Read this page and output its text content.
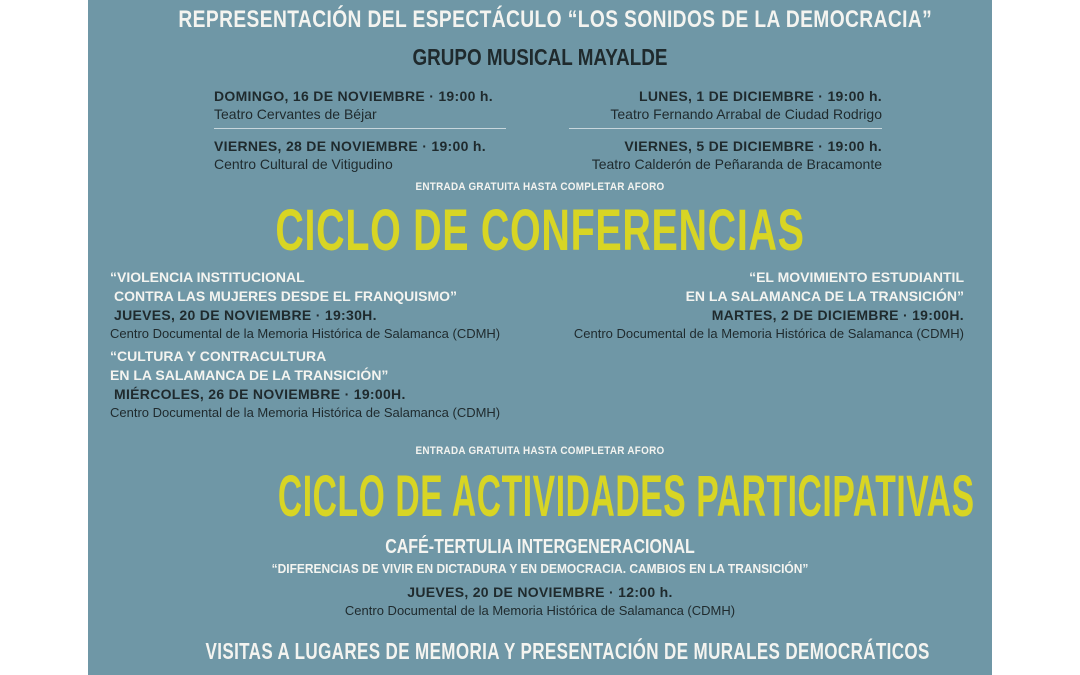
REPRESENTACIÓN DEL ESPECTÁCULO “LOS SONIDOS DE LA DEMOCRACIA”
GRUPO MUSICAL MAYALDE
DOMINGO, 16 DE NOVIEMBRE · 19:00 h.
Teatro Cervantes de Béjar
VIERNES, 28 DE NOVIEMBRE · 19:00 h.
Centro Cultural de Vitigudino
LUNES, 1 DE DICIEMBRE · 19:00 h.
Teatro Fernando Arrabal de Ciudad Rodrigo
VIERNES, 5 DE DICIEMBRE · 19:00 h.
Teatro Calderón de Peñaranda de Bracamonte
ENTRADA GRATUITA HASTA COMPLETAR AFORO
CICLO DE CONFERENCIAS
“VIOLENCIA INSTITUCIONAL
CONTRA LAS MUJERES DESDE EL FRANQUISMO”
JUEVES, 20 DE NOVIEMBRE · 19:30H.
Centro Documental de la Memoria Histórica de Salamanca (CDMH)
“CULTURA Y CONTRACULTURA
EN LA SALAMANCA DE LA TRANSICIÓN”
MIÉRCOLES, 26 DE NOVIEMBRE · 19:00H.
Centro Documental de la Memoria Histórica de Salamanca (CDMH)
“EL MOVIMIENTO ESTUDIANTIL
EN LA SALAMANCA DE LA TRANSICIÓN”
MARTES, 2 DE DICIEMBRE · 19:00H.
Centro Documental de la Memoria Histórica de Salamanca (CDMH)
ENTRADA GRATUITA HASTA COMPLETAR AFORO
CICLO DE ACTIVIDADES PARTICIPATIVAS
CAFÉ-TERTULIA INTERGENERACIONAL
“DIFERENCIAS DE VIVIR EN DICTADURA Y EN DEMOCRACIA. CAMBIOS EN LA TRANSICIÓN”
JUEVES, 20 DE NOVIEMBRE · 12:00 h.
Centro Documental de la Memoria Histórica de Salamanca (CDMH)
VISITAS A LUGARES DE MEMORIA Y PRESENTACIÓN DE MURALES DEMOCRÁTICOS
